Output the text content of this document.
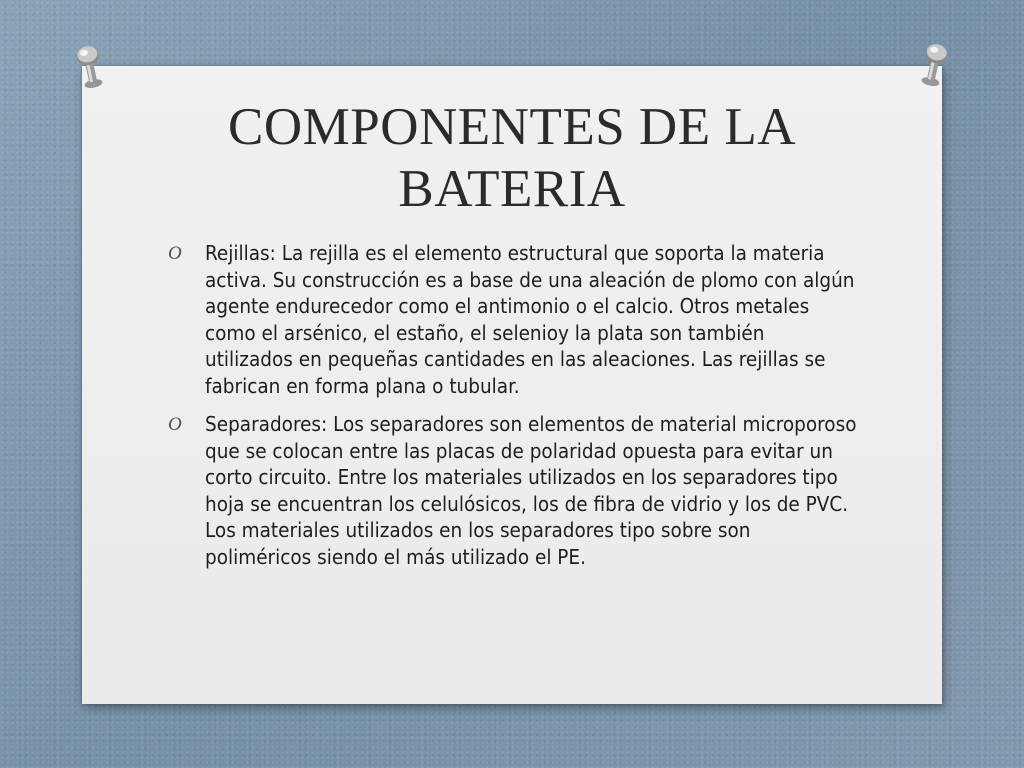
COMPONENTES DE LA
BATERIA
O Rejillas: La rejilla es el elemento estructural que soporta la materia activa. Su construcción es a base de una aleación de plomo con algún agente endurecedor como el antimonio o el calcio. Otros metales como el arsénico, el estaño, el selenioy la plata son también utilizados en pequeñas cantidades en las aleaciones. Las rejillas se fabrican en forma plana o tubular.
O Separadores: Los separadores son elementos de material microporoso que se colocan entre las placas de polaridad opuesta para evitar un corto circuito. Entre los materiales utilizados en los separadores tipo hoja se encuentran los celulósicos, los de fibra de vidrio y los de PVC. Los materiales utilizados en los separadores tipo sobre son poliméricos siendo el más utilizado el PE.
